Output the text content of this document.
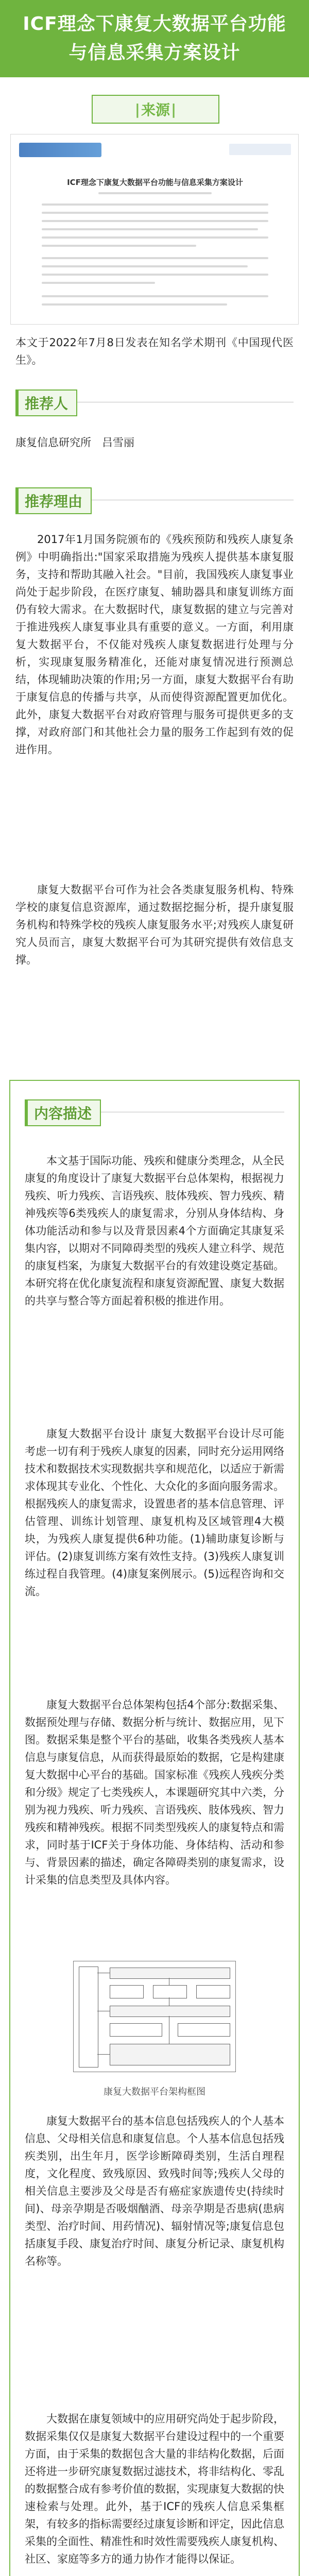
ICF理念下康复大数据平台功能与信息采集方案设计
| 来源 |
ICF理念下康复大数据平台功能与信息采集方案设计

本文于2022年7月8日发表在知名学术期刊《中国现代医生》。

推荐人

康复信息研究所　吕雪丽

推荐理由

2017年1月国务院颁布的《残疾预防和残疾人康复条例》中明确指出:"国家采取措施为残疾人提供基本康复服务，支持和帮助其融入社会。"目前，我国残疾人康复事业尚处于起步阶段，在医疗康复、辅助器具和康复训练方面仍有较大需求。在大数据时代，康复数据的建立与完善对于推进残疾人康复事业具有重要的意义。一方面，利用康复大数据平台，不仅能对残疾人康复数据进行处理与分析，实现康复服务精准化，还能对康复情况进行预测总结，体现辅助决策的作用;另一方面，康复大数据平台有助于康复信息的传播与共享，从而使得资源配置更加优化。此外，康复大数据平台对政府管理与服务可提供更多的支撑，对政府部门和其他社会力量的服务工作起到有效的促进作用。

康复大数据平台可作为社会各类康复服务机构、特殊学校的康复信息资源库，通过数据挖掘分析，提升康复服务机构和特殊学校的残疾人康复服务水平;对残疾人康复研究人员而言，康复大数据平台可为其研究提供有效信息支撑。

内容描述

本文基于国际功能、残疾和健康分类理念，从全民康复的角度设计了康复大数据平台总体架构，根据视力残疾、听力残疾、言语残疾、肢体残疾、智力残疾、精神残疾等6类残疾人的康复需求，分别从身体结构、身体功能活动和参与以及背景因素4个方面确定其康复采集内容，以期对不同障碍类型的残疾人建立科学、规范的康复档案，为康复大数据平台的有效建设奠定基础。本研究将在优化康复流程和康复资源配置、康复大数据的共享与整合等方面起着积极的推进作用。

康复大数据平台设计 康复大数据平台设计尽可能考虑一切有利于残疾人康复的因素，同时充分运用网络技术和数据技术实现数据共享和规范化，以适应于新需求体现其专业化、个性化、大众化的多面向服务需求。根据残疾人的康复需求，设置患者的基本信息管理、评估管理、训练计划管理、康复机构及区域管理4大模块，为残疾人康复提供6种功能。(1)辅助康复诊断与评估。(2)康复训练方案有效性支持。(3)残疾人康复训练过程自我管理。(4)康复案例展示。(5)远程咨询和交流。

康复大数据平台总体架构包括4个部分:数据采集、数据预处理与存储、数据分析与统计、数据应用，见下图。数据采集是整个平台的基础，收集各类残疾人基本信息与康复信息，从而获得最原始的数据，它是构建康复大数据中心平台的基础。国家标准《残疾人残疾分类和分级》规定了七类残疾人，本课题研究其中六类，分别为视力残疾、听力残疾、言语残疾、肢体残疾、智力残疾和精神残疾。根据不同类型残疾人的康复特点和需求，同时基于ICF关于身体功能、身体结构、活动和参与、背景因素的描述，确定各障碍类别的康复需求，设计采集的信息类型及具体内容。

康复大数据平台架构框图

康复大数据平台的基本信息包括残疾人的个人基本信息、父母相关信息和康复信息。个人基本信息包括残疾类别，出生年月，医学诊断障碍类别，生活自理程度，文化程度、致残原因、致残时间等;残疾人父母的相关信息主要涉及父母是否有癌症家族遗传史(持续时间)、母亲孕期是否吸烟酗酒、母亲孕期是否患病(患病类型、治疗时间、用药情况)、辐射情况等;康复信息包括康复手段、康复治疗时间、康复分析记录、康复机构名称等。

大数据在康复领域中的应用研究尚处于起步阶段，数据采集仅仅是康复大数据平台建设过程中的一个重要方面，由于采集的数据包含大量的非结构化数据，后面还将进一步研究康复数据过滤技术，将非结构化、零乱的数据整合成有参考价值的数据，实现康复大数据的快速检索与处理。此外，基于ICF的残疾人信息采集框架，有较多的指标需要经过康复诊断和评定，因此信息采集的全面性、精准性和时效性需要残疾人康复机构、社区、家庭等多方的通力协作才能得以保证。
